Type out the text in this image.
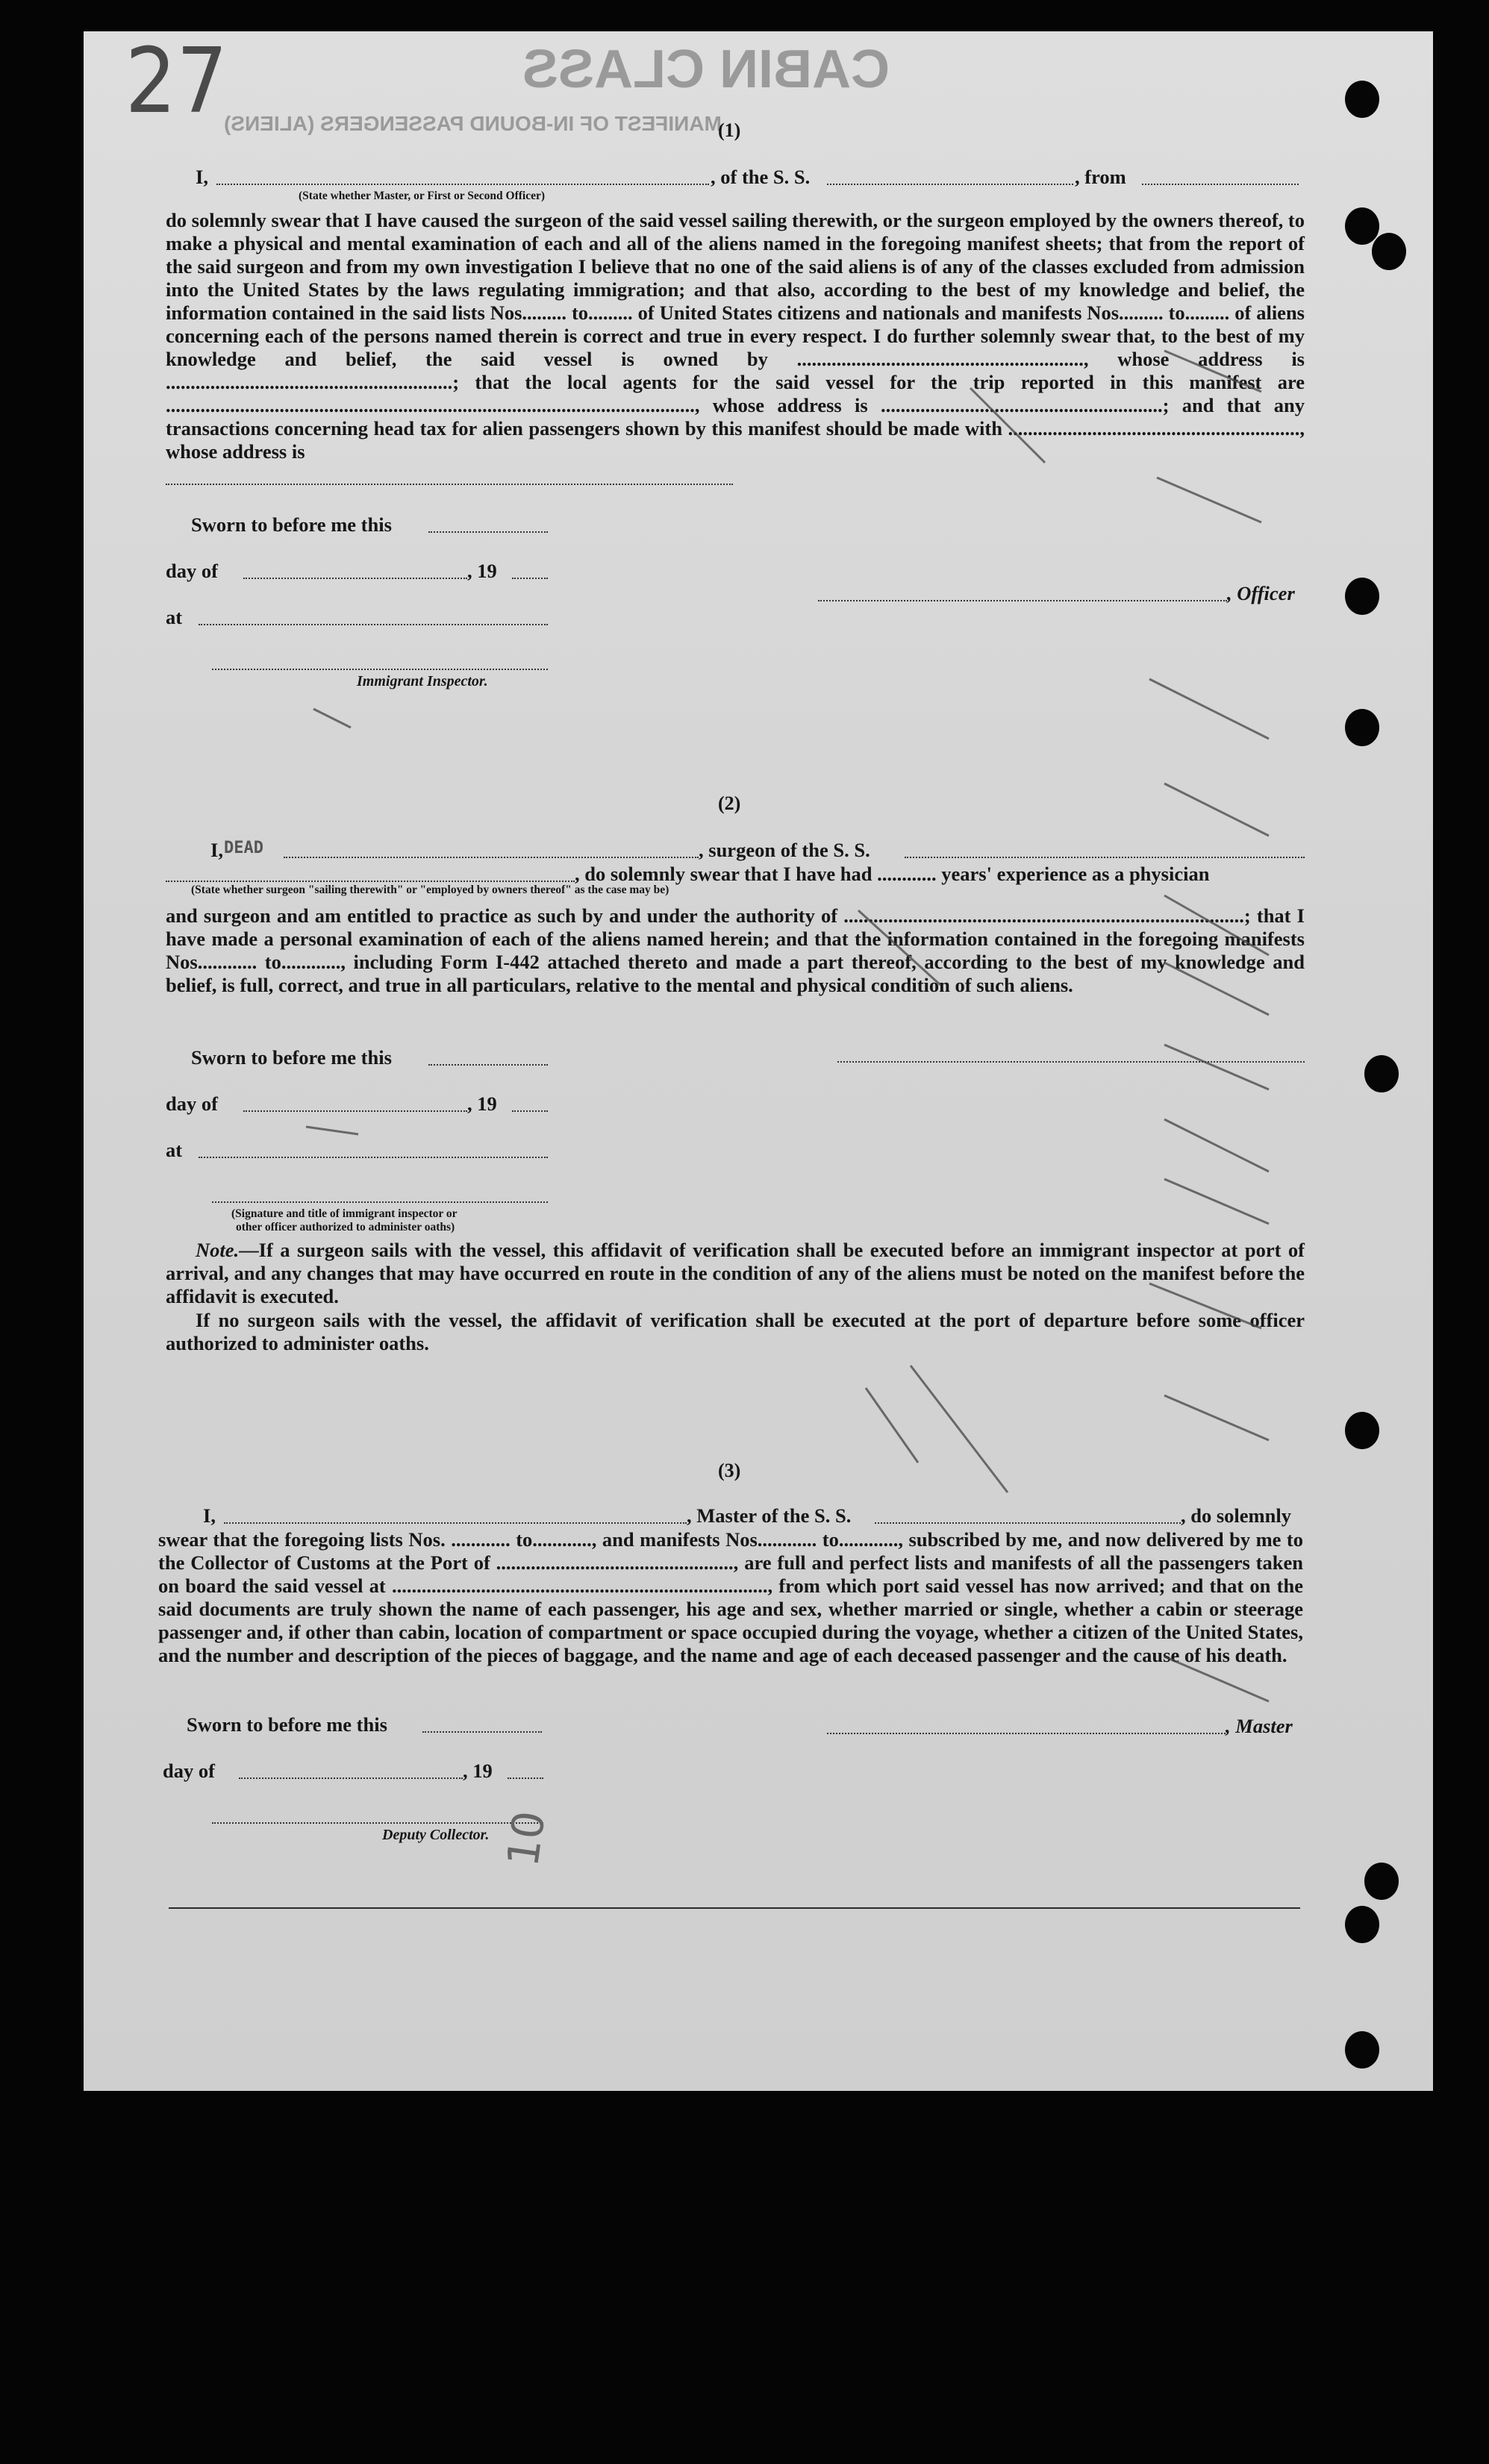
27	CABIN CLASS
MANIFEST OF IN-BOUND PASSENGERS (ALIENS)
(1)
I,	, of the S. S.	, from
(State whether Master, or First or Second Officer)
do solemnly swear that I have caused the surgeon of the said vessel sailing therewith, or the surgeon employed by the owners thereof, to make a physical and mental examination of each and all of the aliens named in the foregoing manifest sheets; that from the report of the said surgeon and from my own investigation I believe that no one of the said aliens is of any of the classes excluded from admission into the United States by the laws regulating immigration; and that also, according to the best of my knowledge and belief, the information contained in the said lists Nos......... to......... of United States citizens and nationals and manifests Nos......... to......... of aliens concerning each of the persons named therein is correct and true in every respect. I do further solemnly swear that, to the best of my knowledge and belief, the said vessel is owned by .........................................................., whose address is ..........................................................; that the local agents for the said vessel for the trip reported in this manifest are ..........................................................................................................., whose address is .........................................................; and that any transactions concerning head tax for alien passengers shown by this manifest should be made with ..........................................................., whose address is
Sworn to before me this
day of	, 19
at
Immigrant Inspector.
, Officer
(2)
I, DEAD	, surgeon of the S. S.
, do solemnly swear that I have had ............ years' experience as a physician
(State whether surgeon "sailing therewith" or "employed by owners thereof" as the case may be)
and surgeon and am entitled to practice as such by and under the authority of .................................................................................; that I have made a personal examination of each of the aliens named herein; and that the information contained in the foregoing manifests Nos............ to............, including Form I-442 attached thereto and made a part thereof, according to the best of my knowledge and belief, is full, correct, and true in all particulars, relative to the mental and physical condition of such aliens.
Sworn to before me this
day of	, 19
at
(Signature and title of immigrant inspector or
other officer authorized to administer oaths)
Note.—If a surgeon sails with the vessel, this affidavit of verification shall be executed before an immigrant inspector at port of arrival, and any changes that may have occurred en route in the condition of any of the aliens must be noted on the manifest before the affidavit is executed.
If no surgeon sails with the vessel, the affidavit of verification shall be executed at the port of departure before some officer authorized to administer oaths.
(3)
I,	, Master of the S. S.	, do solemnly
swear that the foregoing lists Nos. ............ to............, and manifests Nos............ to............, subscribed by me, and now delivered by me to the Collector of Customs at the Port of ................................................, are full and perfect lists and manifests of all the passengers taken on board the said vessel at ............................................................................, from which port said vessel has now arrived; and that on the said documents are truly shown the name of each passenger, his age and sex, whether married or single, whether a cabin or steerage passenger and, if other than cabin, location of compartment or space occupied during the voyage, whether a citizen of the United States, and the number and description of the pieces of baggage, and the name and age of each deceased passenger and the cause of his death.
Sworn to before me this
day of	, 19
Deputy Collector.
, Master
10
